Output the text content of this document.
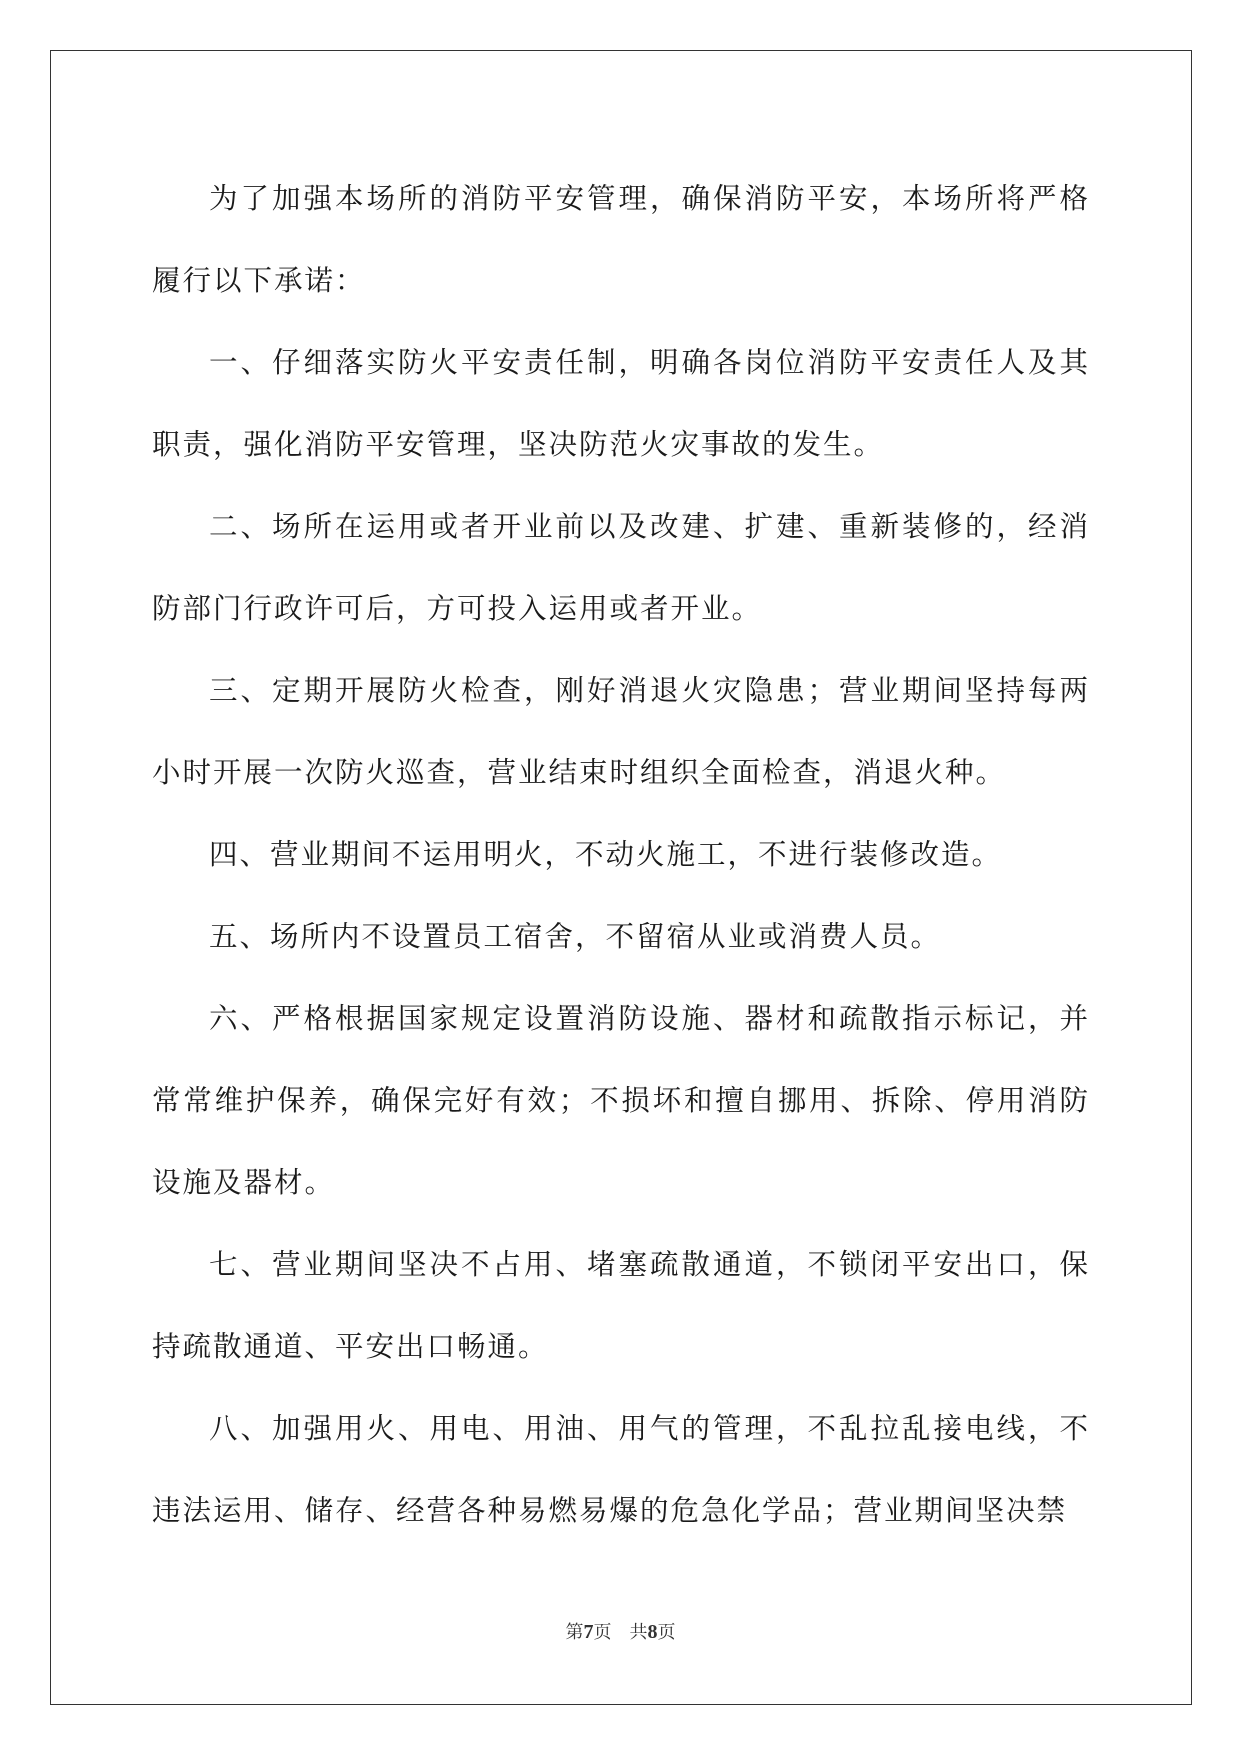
为了加强本场所的消防平安管理，确保消防平安，本场所将严格履行以下承诺：

一、仔细落实防火平安责任制，明确各岗位消防平安责任人及其职责，强化消防平安管理，坚决防范火灾事故的发生。

二、场所在运用或者开业前以及改建、扩建、重新装修的，经消防部门行政许可后，方可投入运用或者开业。

三、定期开展防火检查，刚好消退火灾隐患；营业期间坚持每两小时开展一次防火巡查，营业结束时组织全面检查，消退火种。

四、营业期间不运用明火，不动火施工，不进行装修改造。

五、场所内不设置员工宿舍，不留宿从业或消费人员。

六、严格根据国家规定设置消防设施、器材和疏散指示标记，并常常维护保养，确保完好有效；不损坏和擅自挪用、拆除、停用消防设施及器材。

七、营业期间坚决不占用、堵塞疏散通道，不锁闭平安出口，保持疏散通道、平安出口畅通。

八、加强用火、用电、用油、用气的管理，不乱拉乱接电线，不违法运用、储存、经营各种易燃易爆的危急化学品；营业期间坚决禁

第7页 共8页
